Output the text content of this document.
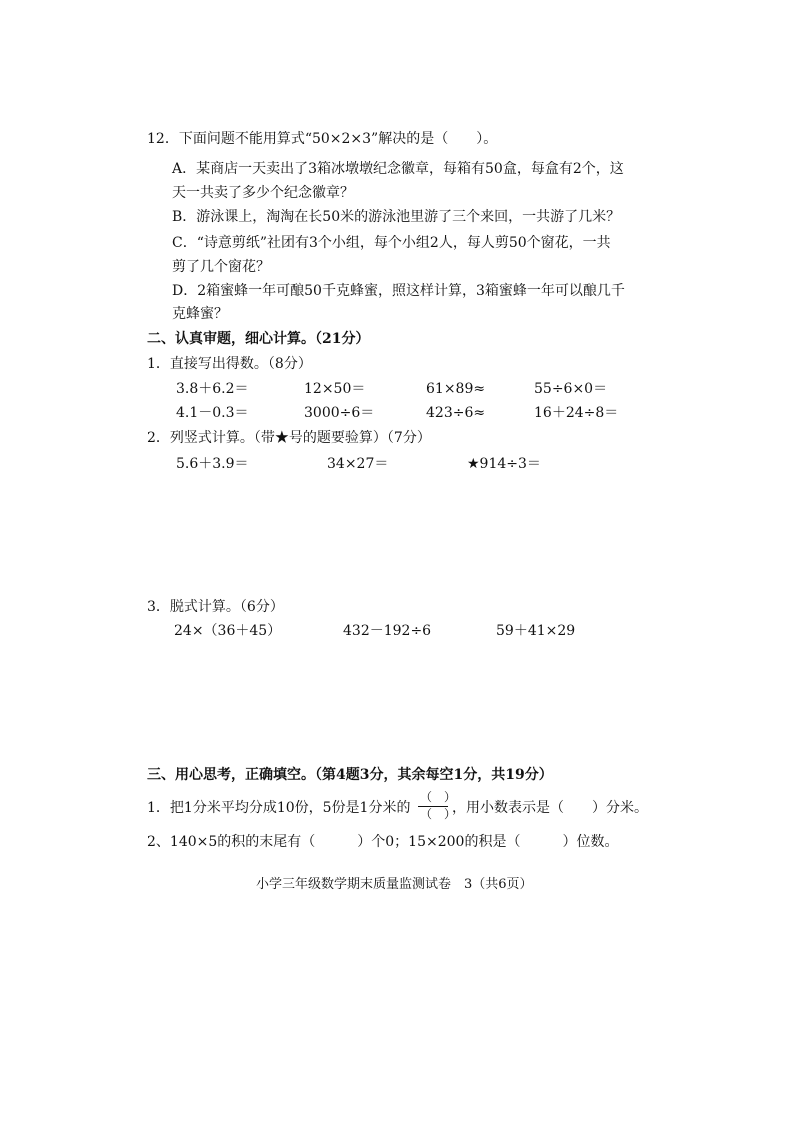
12．下面问题不能用算式“50×2×3”解决的是（　　）。
A．某商店一天卖出了3箱冰墩墩纪念徽章，每箱有50盒，每盒有2个，这
天一共卖了多少个纪念徽章？
B．游泳课上，淘淘在长50米的游泳池里游了三个来回，一共游了几米？
C．“诗意剪纸”社团有3个小组，每个小组2人，每人剪50个窗花，一共
剪了几个窗花？
D．2箱蜜蜂一年可酿50千克蜂蜜，照这样计算，3箱蜜蜂一年可以酿几千
克蜂蜜？
二、认真审题，细心计算。（21分）
1．直接写出得数。（8分）
3.8＋6.2＝	12×50＝	61×89≈	55÷6×0＝
4.1－0.3＝	3000÷6＝	423÷6≈	16＋24÷8＝
2．列竖式计算。（带★号的题要验算）（7分）
5.6＋3.9＝	34×27＝	★914÷3＝
3．脱式计算。（6分）
24×（36＋45）	432－192÷6	59＋41×29
三、用心思考，正确填空。（第4题3分，其余每空1分，共19分）
1．把1分米平均分成10份，5份是1分米的
（　）
（　）
，用小数表示是（　　）分米。
2、140×5的积的末尾有（　　　）个0；15×200的积是（　　　）位数。
小学三年级数学期末质量监测试卷　3（共6页）
